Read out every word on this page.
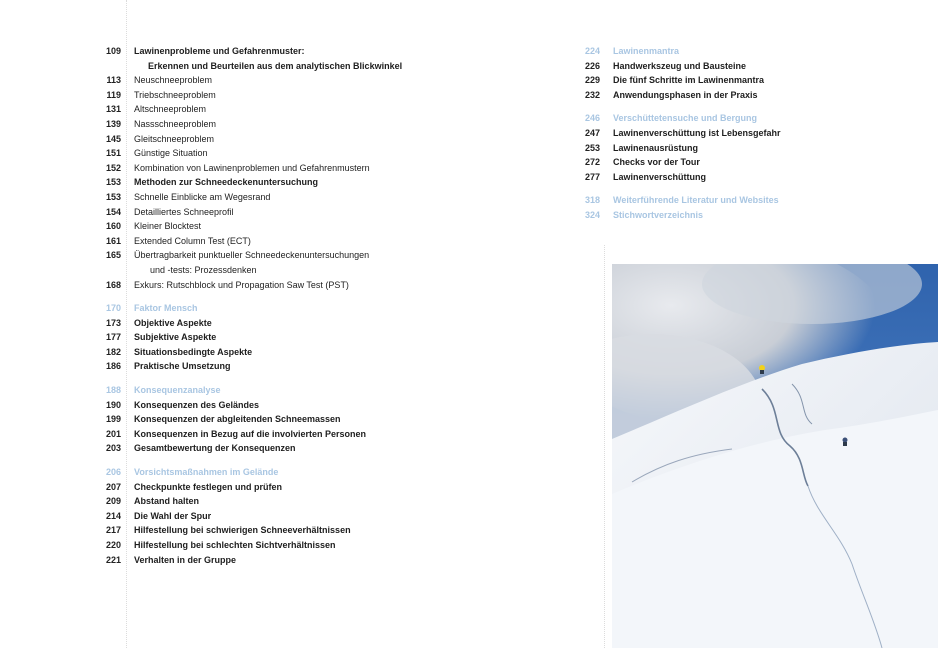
109	Lawinenprobleme und Gefahrenmuster:
Erkennen und Beurteilen aus dem analytischen Blickwinkel
113	Neuschneeproblem
119	Triebschneeproblem
131	Altschneeproblem
139	Nassschneeproblem
145	Gleitschneeproblem
151	Günstige Situation
152	Kombination von Lawinenproblemen und Gefahrenmustern
153	Methoden zur Schneedeckenuntersuchung
153	Schnelle Einblicke am Wegesrand
154	Detailliertes Schneeprofil
160	Kleiner Blocktest
161	Extended Column Test (ECT)
165	Übertragbarkeit punktueller Schneedeckenuntersuchungen
und -tests: Prozessdenken
168	Exkurs: Rutschblock und Propagation Saw Test (PST)
170	Faktor Mensch
173	Objektive Aspekte
177	Subjektive Aspekte
182	Situationsbedingte Aspekte
186	Praktische Umsetzung
188	Konsequenzanalyse
190	Konsequenzen des Geländes
199	Konsequenzen der abgleitenden Schneemassen
201	Konsequenzen in Bezug auf die involvierten Personen
203	Gesamtbewertung der Konsequenzen
206	Vorsichtsmaßnahmen im Gelände
207	Checkpunkte festlegen und prüfen
209	Abstand halten
214	Die Wahl der Spur
217	Hilfestellung bei schwierigen Schneeverhältnissen
220	Hilfestellung bei schlechten Sichtverhältnissen
221	Verhalten in der Gruppe
224	Lawinenmantra
226	Handwerkszeug und Bausteine
229	Die fünf Schritte im Lawinenmantra
232	Anwendungsphasen in der Praxis
246	Verschüttetensuche und Bergung
247	Lawinenverschüttung ist Lebensgefahr
253	Lawinenausrüstung
272	Checks vor der Tour
277	Lawinenverschüttung
318	Weiterführende Literatur und Websites
324	Stichwortverzeichnis
